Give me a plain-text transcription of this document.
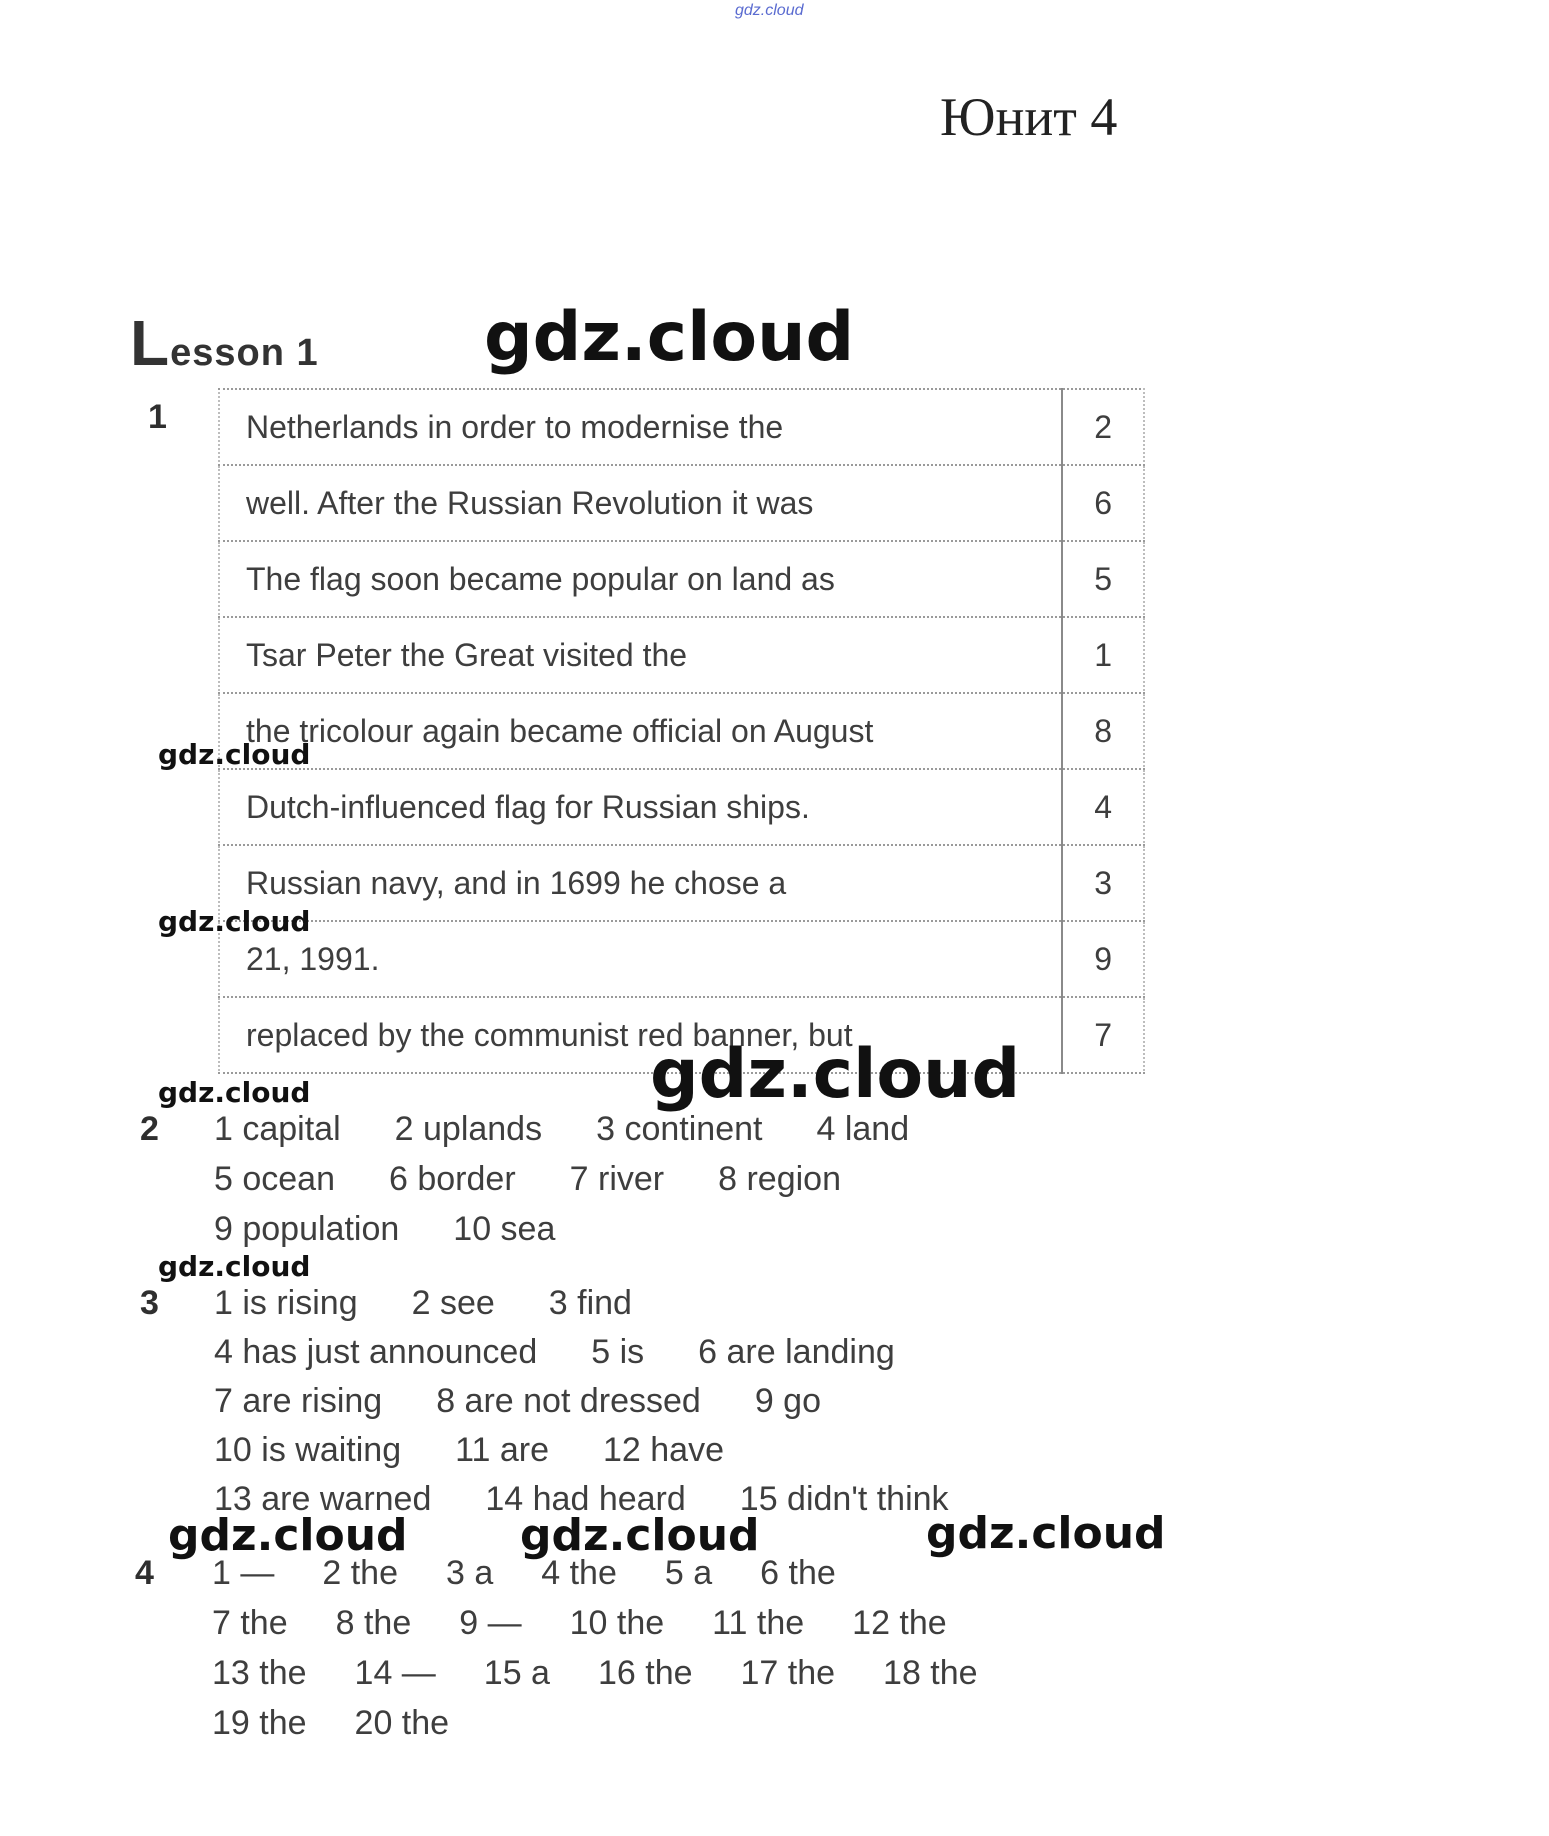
gdz.cloud
Юнит 4
Lesson 1
1 Netherlands in order to modernise the	2
well. After the Russian Revolution it was	6
The flag soon became popular on land as	5
Tsar Peter the Great visited the	1
the tricolour again became official on August	8
Dutch-influenced flag for Russian ships.	4
Russian navy, and in 1699 he chose a	3
21, 1991.	9
replaced by the communist red banner, but	7
2 1 capital 2 uplands 3 continent 4 land
5 ocean 6 border 7 river 8 region
9 population 10 sea
3 1 is rising 2 see 3 find
4 has just announced 5 is 6 are landing
7 are rising 8 are not dressed 9 go
10 is waiting 11 are 12 have
13 are warned 14 had heard 15 didn't think
4 1 — 2 the 3 a 4 the 5 a 6 the
7 the 8 the 9 — 10 the 11 the 12 the
13 the 14 — 15 a 16 the 17 the 18 the
19 the 20 the
gdz.cloud
gdz.cloud
gdz.cloud
gdz.cloud
gdz.cloud
gdz.cloud
gdz.cloud	gdz.cloud	gdz.cloud
